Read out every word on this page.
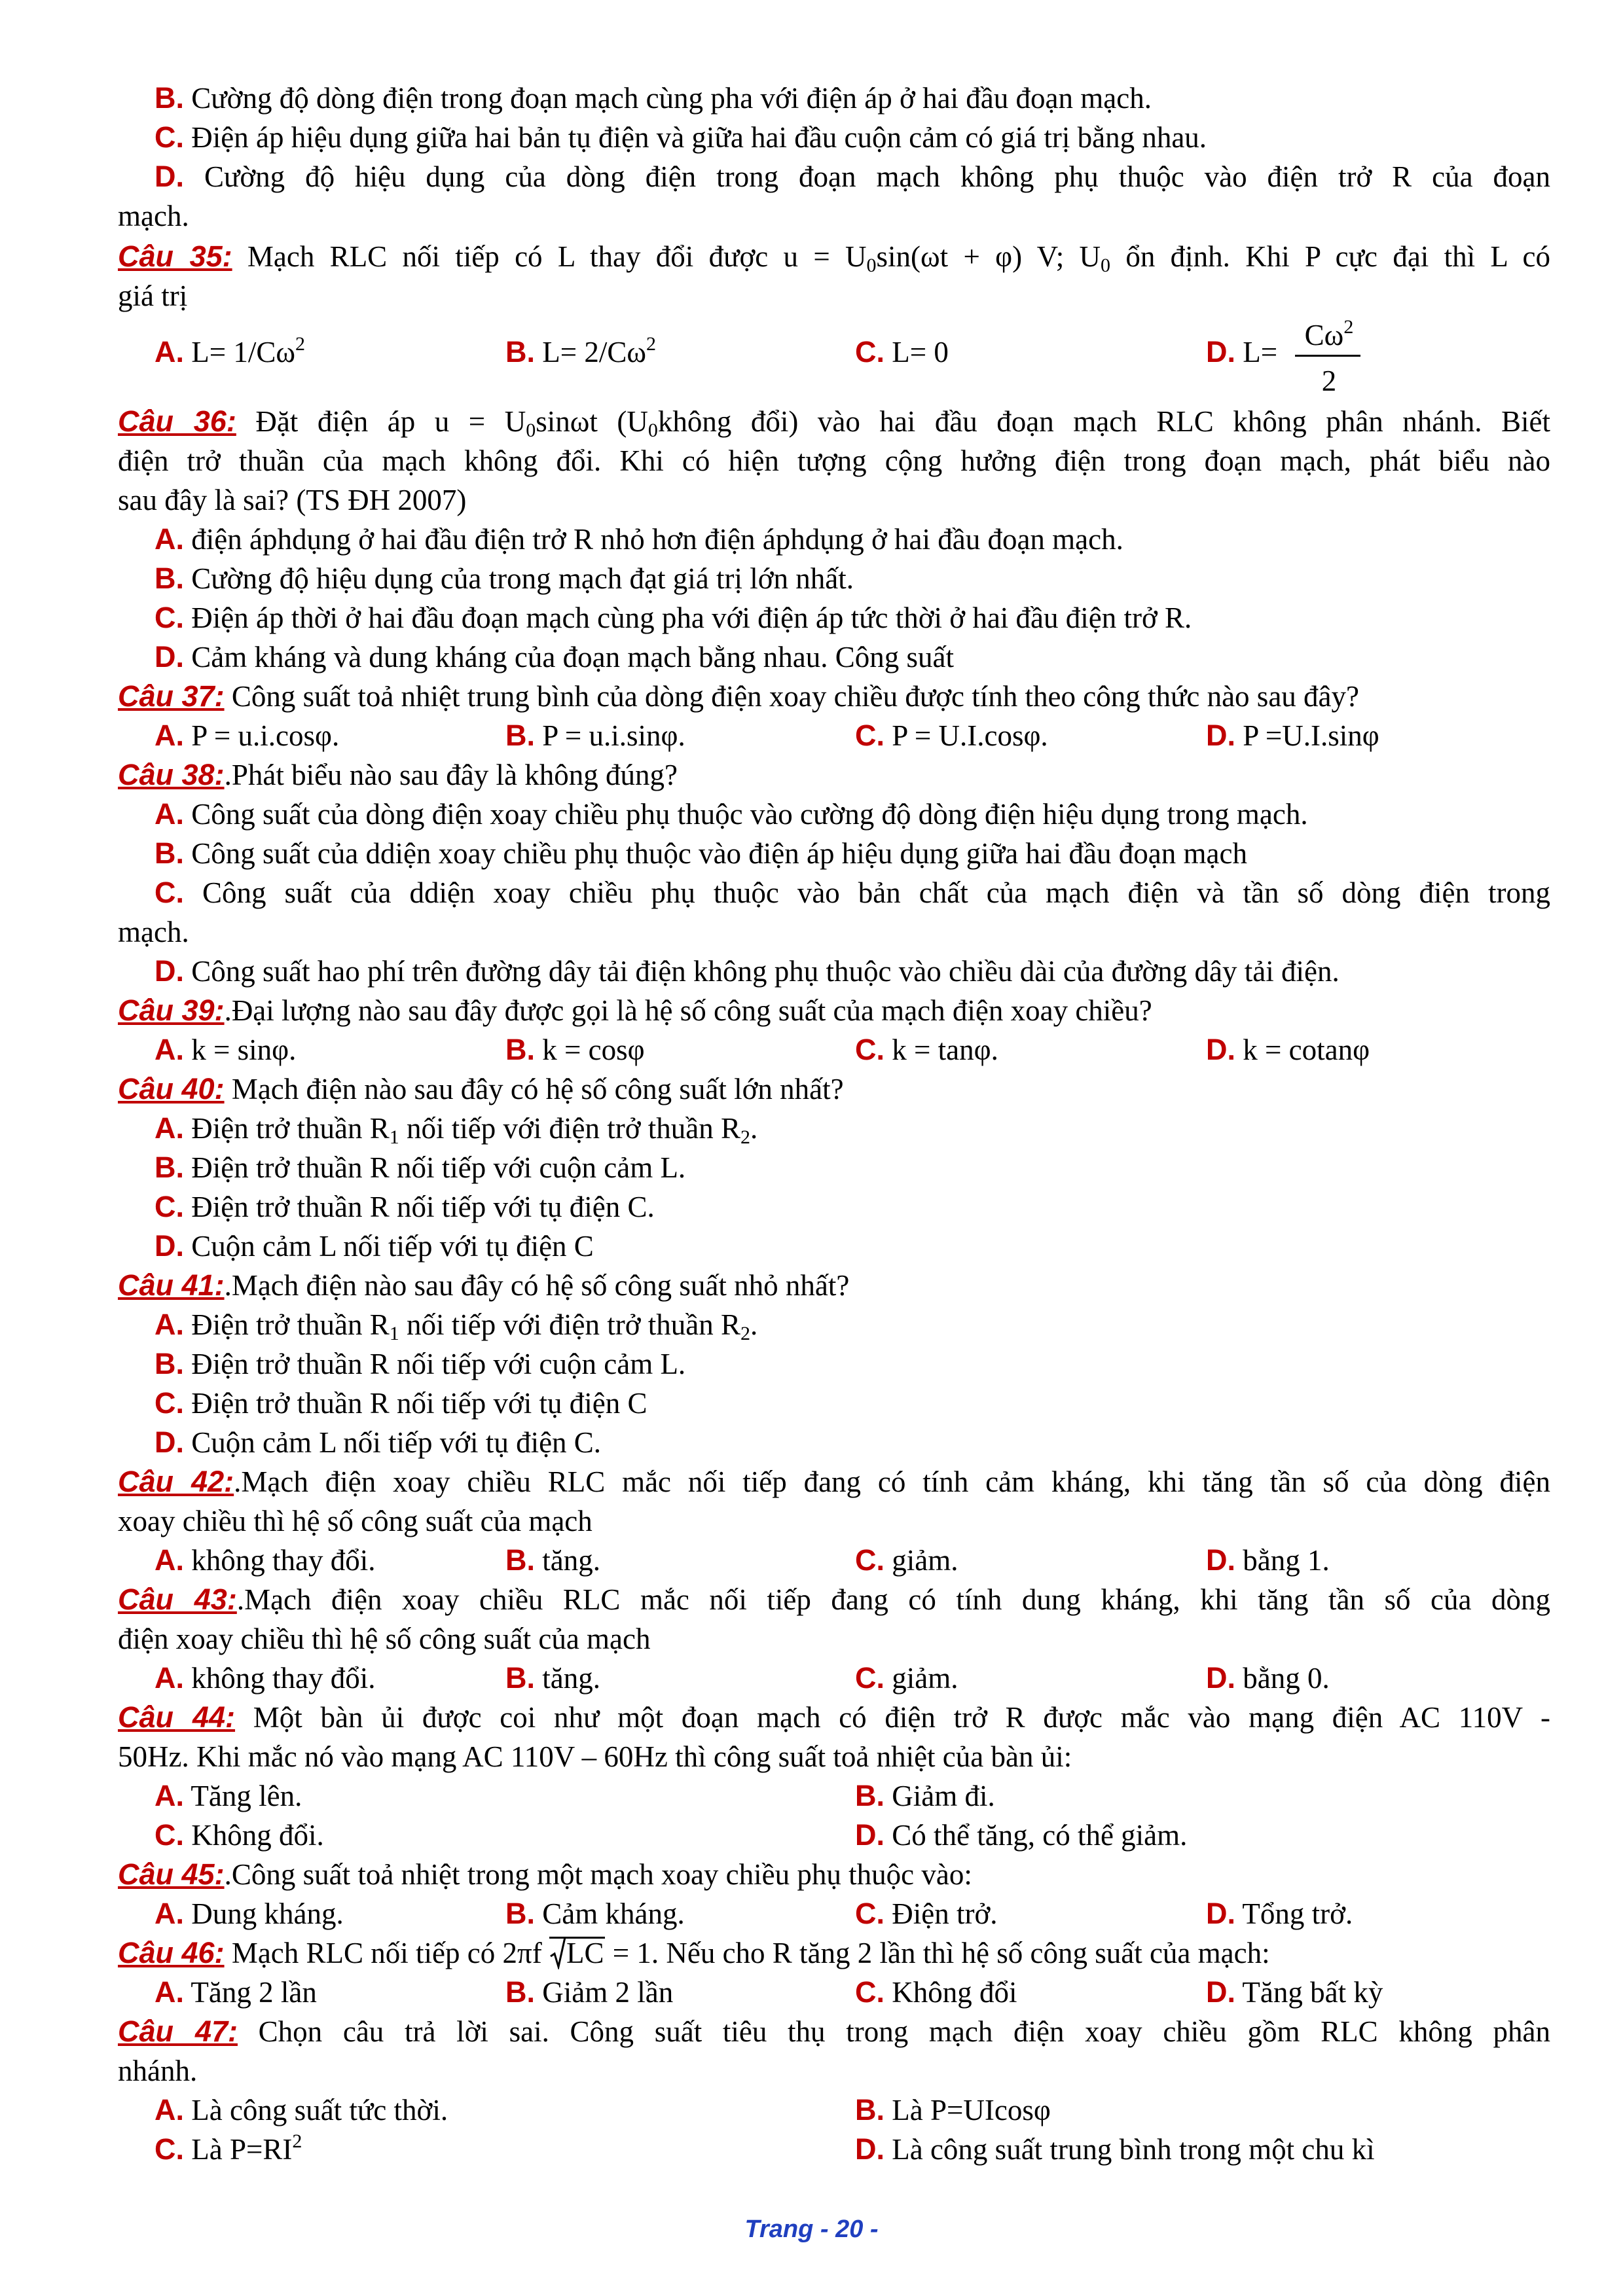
B. Cường độ dòng điện trong đoạn mạch cùng pha với điện áp ở hai đầu đoạn mạch.
C. Điện áp hiệu dụng giữa hai bản tụ điện và giữa hai đầu cuộn cảm có giá trị bằng nhau.
D. Cường độ hiệu dụng của dòng điện trong đoạn mạch không phụ thuộc vào điện trở R của đoạn
mạch.
Câu 35: Mạch RLC nối tiếp có L thay đổi được $u = U_0\sin(\omega t + \varphi)$ V; $U_0$ ổn định. Khi P cực đại thì L có
giá trị
A. $L= 1/C\omega^2$	B. $L= 2/C\omega^2$	C. L= 0	D. L=
$C\omega^2$
2
Câu 36: Đặt điện áp $u = U_0\sin\omega t$ ($U_0không$ đổi) vào hai đầu đoạn mạch RLC không phân nhánh. Biết
điện trở thuần của mạch không đổi. Khi có hiện tượng cộng hưởng điện trong đoạn mạch, phát biểu nào
sau đây là sai? (TS ĐH 2007)
A. điện áphdụng ở hai đầu điện trở R nhỏ hơn điện áphdụng ở hai đầu đoạn mạch.
B. Cường độ hiệu dụng của trong mạch đạt giá trị lớn nhất.
C. Điện áp thời ở hai đầu đoạn mạch cùng pha với điện áp tức thời ở hai đầu điện trở R.
D. Cảm kháng và dung kháng của đoạn mạch bằng nhau. Công suất
Câu 37: Công suất toả nhiệt trung bình của dòng điện xoay chiều được tính theo công thức nào sau đây?
A. P = u.i.cosφ.	B. P = u.i.sinφ.	C. P = U.I.cosφ.	D. P =U.I.sinφ
Câu 38:.Phát biểu nào sau đây là không đúng?
A. Công suất của dòng điện xoay chiều phụ thuộc vào cường độ dòng điện hiệu dụng trong mạch.
B. Công suất của ddiện xoay chiều phụ thuộc vào điện áp hiệu dụng giữa hai đầu đoạn mạch
C. Công suất của ddiện xoay chiều phụ thuộc vào bản chất của mạch điện và tần số dòng điện trong
mạch.
D. Công suất hao phí trên đường dây tải điện không phụ thuộc vào chiều dài của đường dây tải điện.
Câu 39:.Đại lượng nào sau đây được gọi là hệ số công suất của mạch điện xoay chiều?
A. k = sinφ.	B. k = cosφ	C. k = tanφ.	D. k = cotanφ
Câu 40: Mạch điện nào sau đây có hệ số công suất lớn nhất?
A. Điện trở thuần $R_1$ nối tiếp với điện trở thuần $R_2$.
B. Điện trở thuần R nối tiếp với cuộn cảm L.
C. Điện trở thuần R nối tiếp với tụ điện C.
D. Cuộn cảm L nối tiếp với tụ điện C
Câu 41:.Mạch điện nào sau đây có hệ số công suất nhỏ nhất?
A. Điện trở thuần $R_1$ nối tiếp với điện trở thuần $R_2$.
B. Điện trở thuần R nối tiếp với cuộn cảm L.
C. Điện trở thuần R nối tiếp với tụ điện C
D. Cuộn cảm L nối tiếp với tụ điện C.
Câu 42:.Mạch điện xoay chiều RLC mắc nối tiếp đang có tính cảm kháng, khi tăng tần số của dòng điện
xoay chiều thì hệ số công suất của mạch
A. không thay đổi.	B. tăng.	C. giảm.	D. bằng 1.
Câu 43:.Mạch điện xoay chiều RLC mắc nối tiếp đang có tính dung kháng, khi tăng tần số của dòng
điện xoay chiều thì hệ số công suất của mạch
A. không thay đổi.	B. tăng.	C. giảm.	D. bằng 0.
Câu 44: Một bàn ủi được coi như một đoạn mạch có điện trở R được mắc vào mạng điện AC 110V -
50Hz. Khi mắc nó vào mạng AC 110V – 60Hz thì công suất toả nhiệt của bàn ủi:
A. Tăng lên.	B. Giảm đi.
C. Không đổi.	D. Có thể tăng, có thể giảm.
Câu 45:.Công suất toả nhiệt trong một mạch xoay chiều phụ thuộc vào:
A. Dung kháng.	B. Cảm kháng.	C. Điện trở.	D. Tổng trở.
Câu 46: Mạch RLC nối tiếp có 2πf
LC = 1. Nếu cho R tăng 2 lần thì hệ số công suất của mạch:
A. Tăng 2 lần	B. Giảm 2 lần	C. Không đổi	D. Tăng bất kỳ
Câu 47: Chọn câu trả lời sai. Công suất tiêu thụ trong mạch điện xoay chiều gồm RLC không phân
nhánh.
A. Là công suất tức thời.	B. Là P=UIcosφ
C. Là $P=RI^2$	D. Là công suất trung bình trong một chu kì
Trang - 20 -
